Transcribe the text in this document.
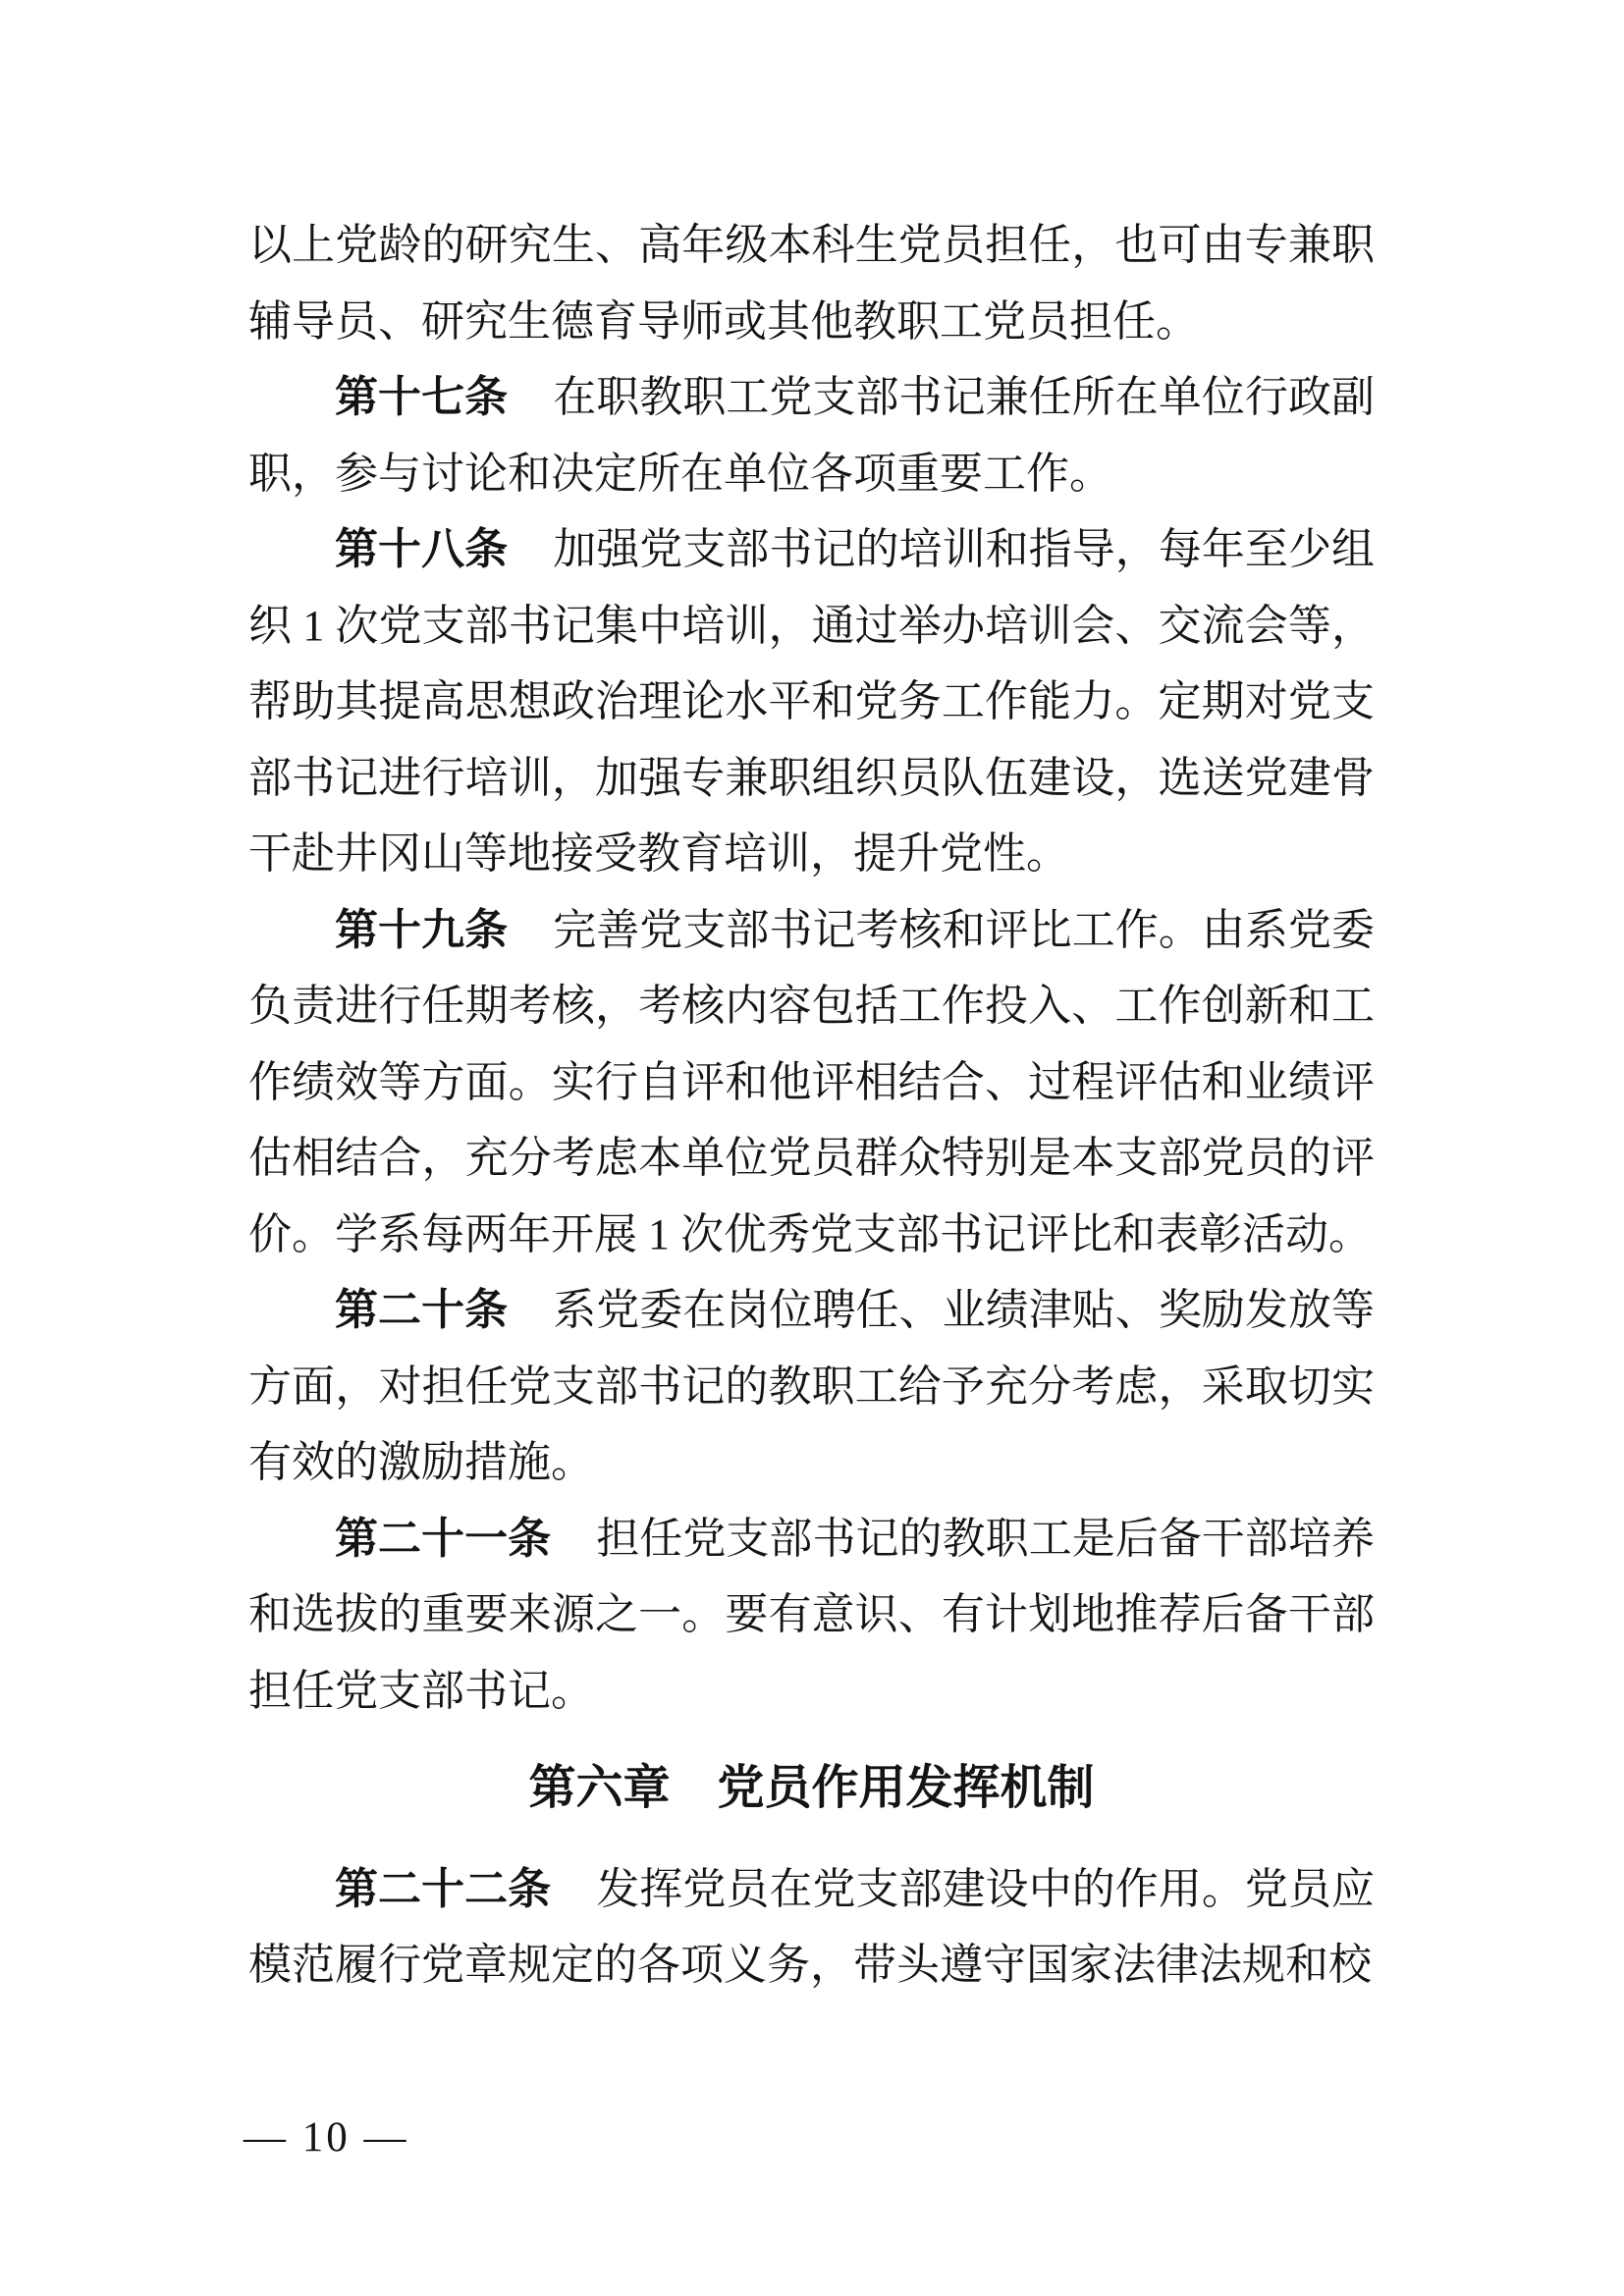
以上党龄的研究生、高年级本科生党员担任，也可由专兼职辅导员、研究生德育导师或其他教职工党员担任。

第十七条 在职教职工党支部书记兼任所在单位行政副职，参与讨论和决定所在单位各项重要工作。

第十八条 加强党支部书记的培训和指导，每年至少组织 1 次党支部书记集中培训，通过举办培训会、交流会等，帮助其提高思想政治理论水平和党务工作能力。定期对党支部书记进行培训，加强专兼职组织员队伍建设，选送党建骨干赴井冈山等地接受教育培训，提升党性。

第十九条 完善党支部书记考核和评比工作。由系党委负责进行任期考核，考核内容包括工作投入、工作创新和工作绩效等方面。实行自评和他评相结合、过程评估和业绩评估相结合，充分考虑本单位党员群众特别是本支部党员的评价。学系每两年开展 1 次优秀党支部书记评比和表彰活动。

第二十条 系党委在岗位聘任、业绩津贴、奖励发放等方面，对担任党支部书记的教职工给予充分考虑，采取切实有效的激励措施。

第二十一条 担任党支部书记的教职工是后备干部培养和选拔的重要来源之一。要有意识、有计划地推荐后备干部担任党支部书记。

第六章 党员作用发挥机制

第二十二条 发挥党员在党支部建设中的作用。党员应模范履行党章规定的各项义务，带头遵守国家法律法规和校

— 10 —
